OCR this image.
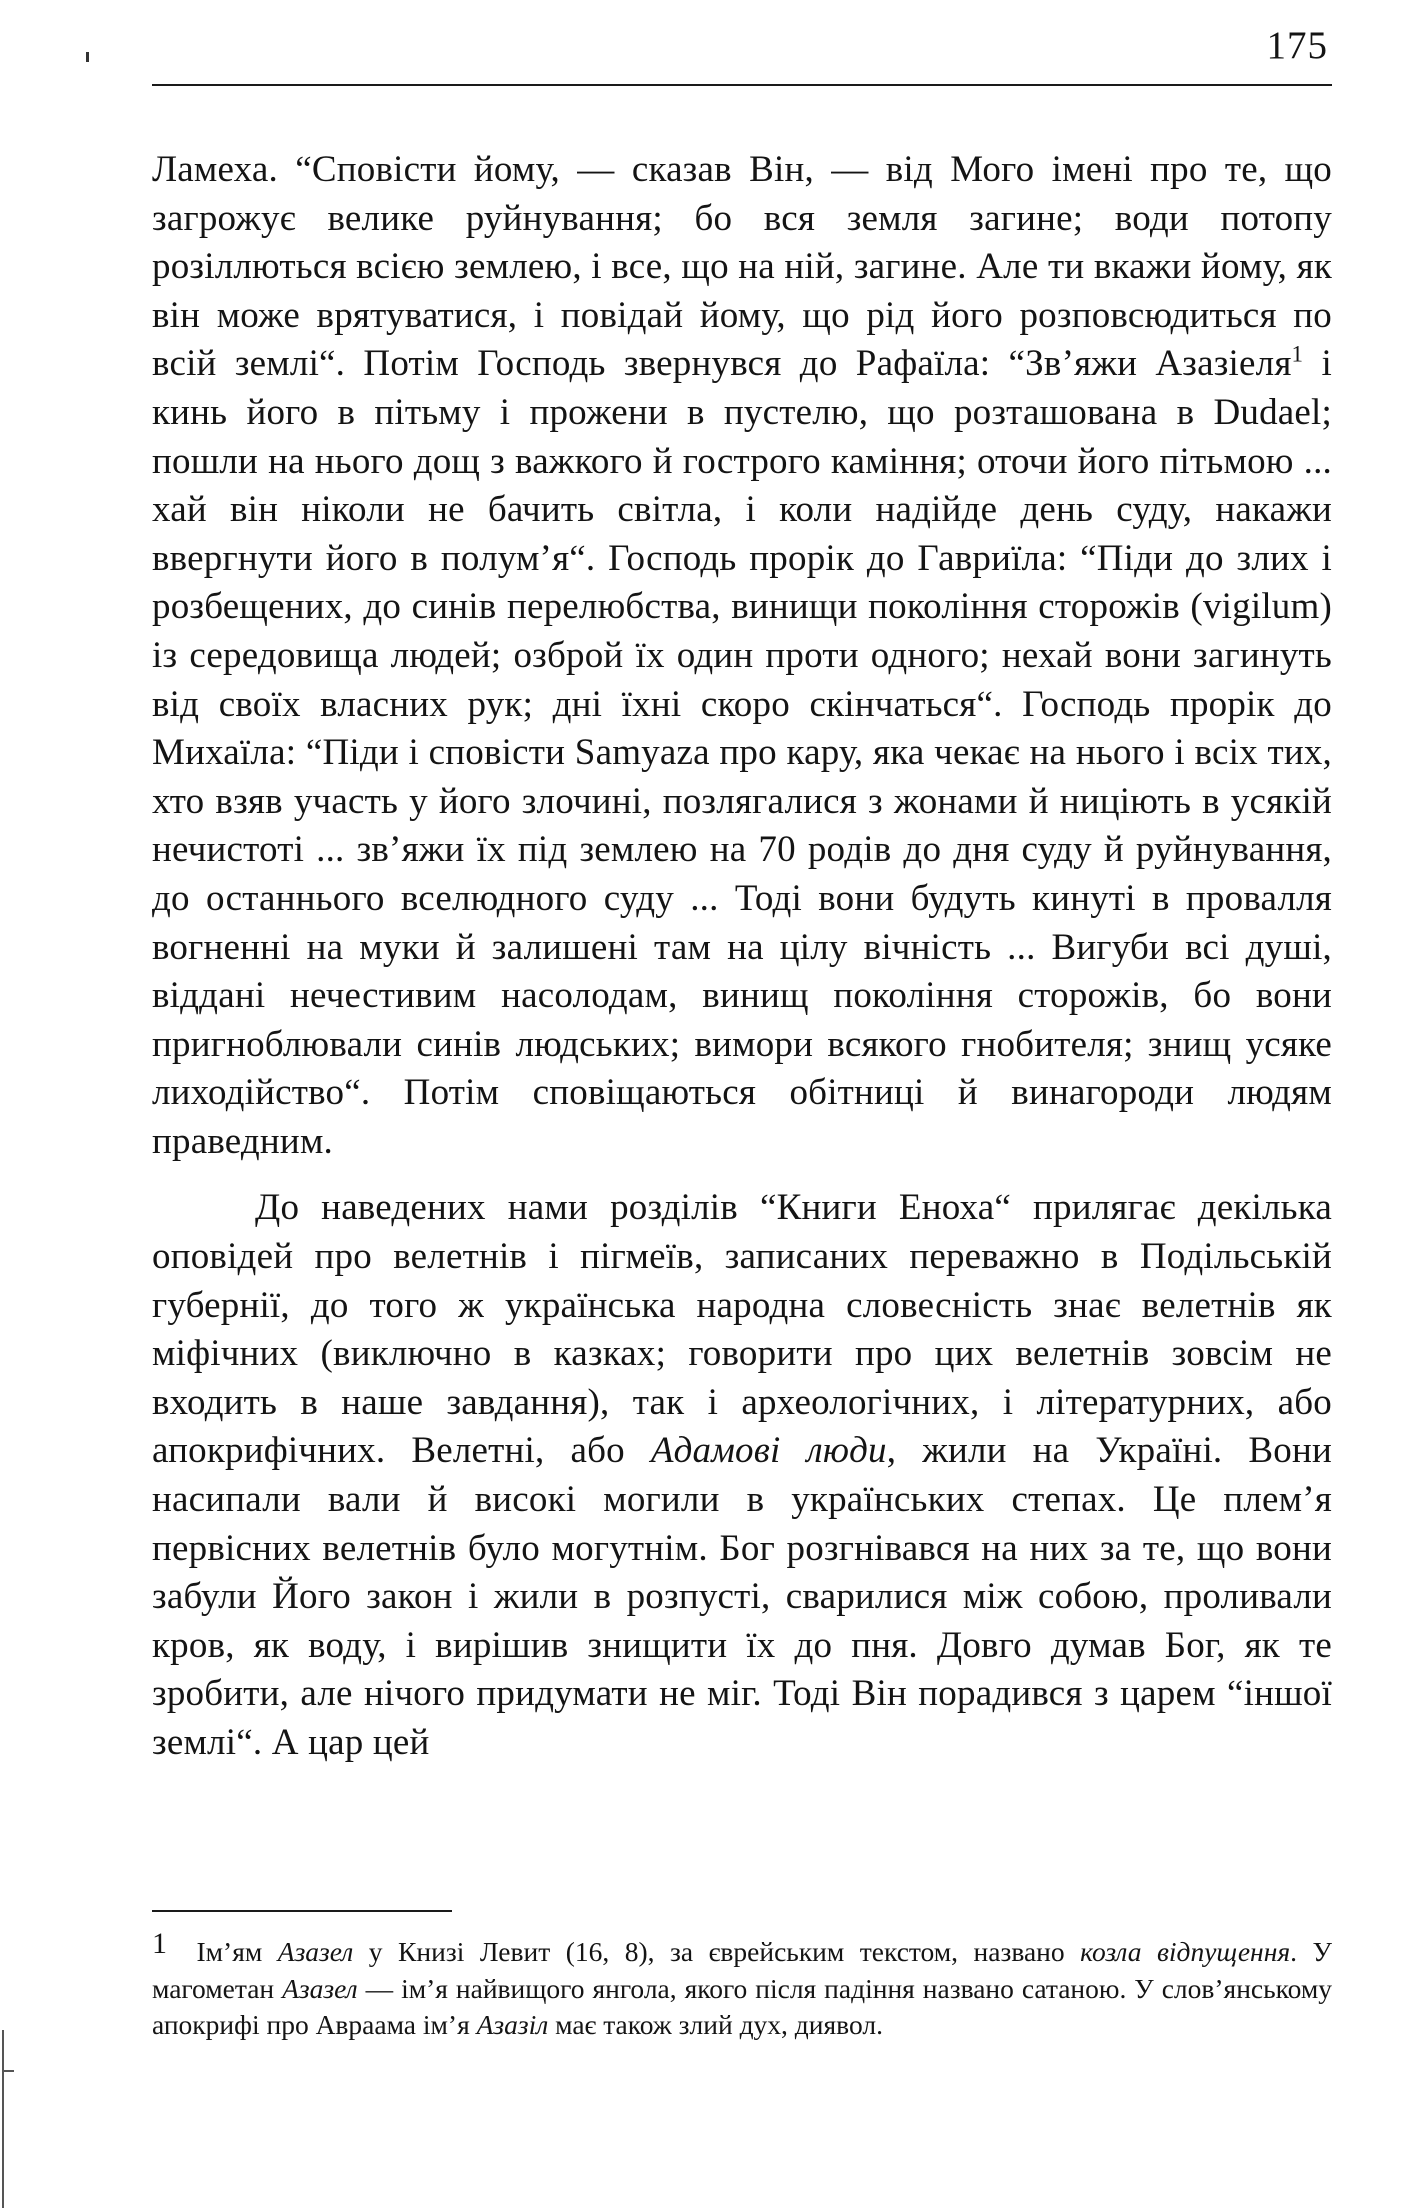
175

Ламеха. “Сповісти йому, — сказав Він, — від Мого імені про те, що загрожує велике руйнування; бо вся земля загине; води потопу розіллються всією землею, і все, що на ній, загине. Але ти вкажи йому, як він може врятуватися, і повідай йому, що рід його розповсюдиться по всій землі“. Потім Господь звернувся до Рафаїла: “Зв’яжи Азазіеля$^1$ і кинь його в пітьму і прожени в пустелю, що розташована в Dudael; пошли на нього дощ з важкого й гострого каміння; оточи його пітьмою ... хай він ніколи не бачить світла, і коли надійде день суду, накажи ввергнути його в полум’я“. Господь прорік до Гавриїла: “Піди до злих і розбещених, до синів перелюбства, винищи покоління сторожів (vigilum) із середовища людей; озброй їх один проти одного; нехай вони загинуть від своїх власних рук; дні їхні скоро скінчаться“. Господь прорік до Михаїла: “Піди і сповісти Samyaza про кару, яка чекає на нього і всіх тих, хто взяв участь у його злочині, позлягалися з жонами й ниціють в усякій нечистоті ... зв’яжи їх під землею на 70 родів до дня суду й руйнування, до останнього вселюдного суду ... Тоді вони будуть кинуті в провалля вогненні на муки й залишені там на цілу вічність ... Вигуби всі душі, віддані нечестивим насолодам, винищ покоління сторожів, бо вони пригноблювали синів людських; вимори всякого гнобителя; знищ усяке лиходійство“. Потім сповіщаються обітниці й винагороди людям праведним.

До наведених нами розділів “Книги Еноха“ прилягає декілька оповідей про велетнів і пігмеїв, записаних переважно в Подільській губернії, до того ж українська народна словесність знає велетнів як міфічних (виключно в казках; говорити про цих велетнів зовсім не входить в наше завдання), так і археологічних, і літературних, або апокрифічних. Велетні, або Адамові люди, жили на Україні. Вони насипали вали й високі могили в українських степах. Це плем’я первісних велетнів було могутнім. Бог розгнівався на них за те, що вони забули Його закон і жили в розпусті, сварилися між собою, проливали кров, як воду, і вирішив знищити їх до пня. Довго думав Бог, як те зробити, але нічого придумати не міг. Тоді Він порадився з царем “іншої землі“. А цар цей

1 Ім’ям Азазел у Книзі Левит (16, 8), за єврейським текстом, названо козла відпущення. У магометан Азазел — ім’я найвищого янгола, якого після падіння названо сатаною. У слов’янському апокрифі про Авраама ім’я Азазіл має також злий дух, диявол.
